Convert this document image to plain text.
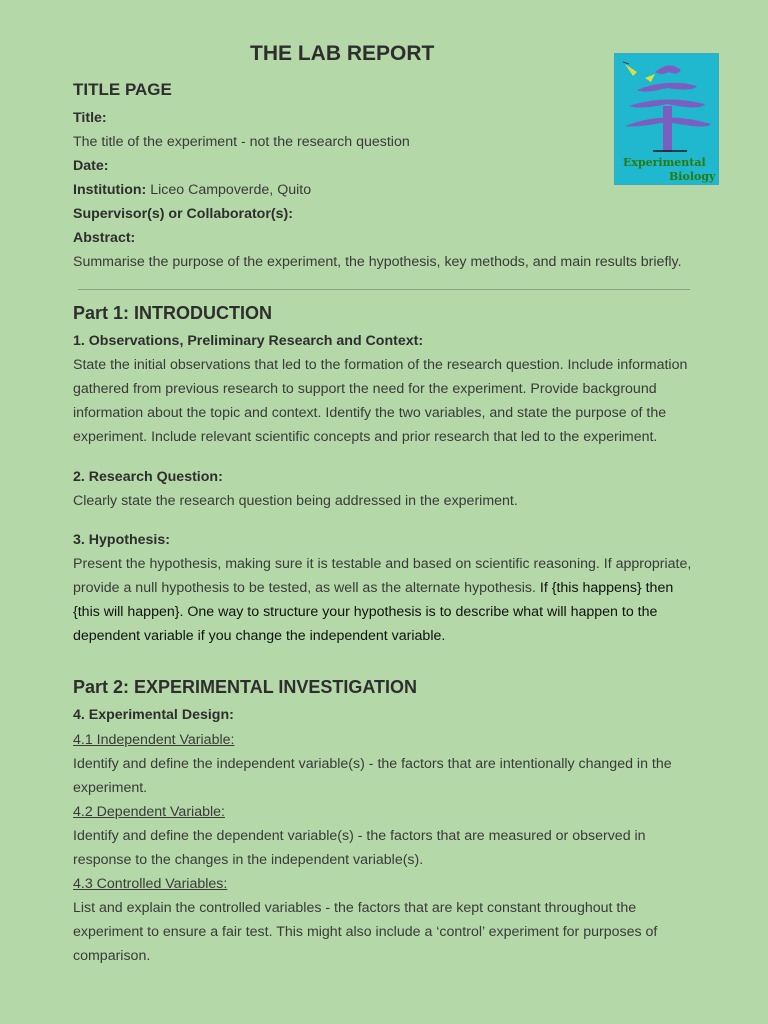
THE LAB REPORT
Experimental
Biology
TITLE PAGE
Title:
The title of the experiment - not the research question
Date:
Institution: Liceo Campoverde, Quito
Supervisor(s) or Collaborator(s):
Abstract:
Summarise the purpose of the experiment, the hypothesis, key methods, and main results briefly.
Part 1: INTRODUCTION
1. Observations, Preliminary Research and Context:
State the initial observations that led to the formation of the research question. Include information
gathered from previous research to support the need for the experiment. Provide background
information about the topic and context. Identify the two variables, and state the purpose of the
experiment. Include relevant scientific concepts and prior research that led to the experiment.
2. Research Question:
Clearly state the research question being addressed in the experiment.
3. Hypothesis:
Present the hypothesis, making sure it is testable and based on scientific reasoning. If appropriate,
provide a null hypothesis to be tested, as well as the alternate hypothesis. If {this happens} then
{this will happen}. One way to structure your hypothesis is to describe what will happen to the
dependent variable if you change the independent variable.
Part 2: EXPERIMENTAL INVESTIGATION
4. Experimental Design:
4.1 Independent Variable:
Identify and define the independent variable(s) - the factors that are intentionally changed in the
experiment.
4.2 Dependent Variable:
Identify and define the dependent variable(s) - the factors that are measured or observed in
response to the changes in the independent variable(s).
4.3 Controlled Variables:
List and explain the controlled variables - the factors that are kept constant throughout the
experiment to ensure a fair test. This might also include a ‘control’ experiment for purposes of
comparison.
